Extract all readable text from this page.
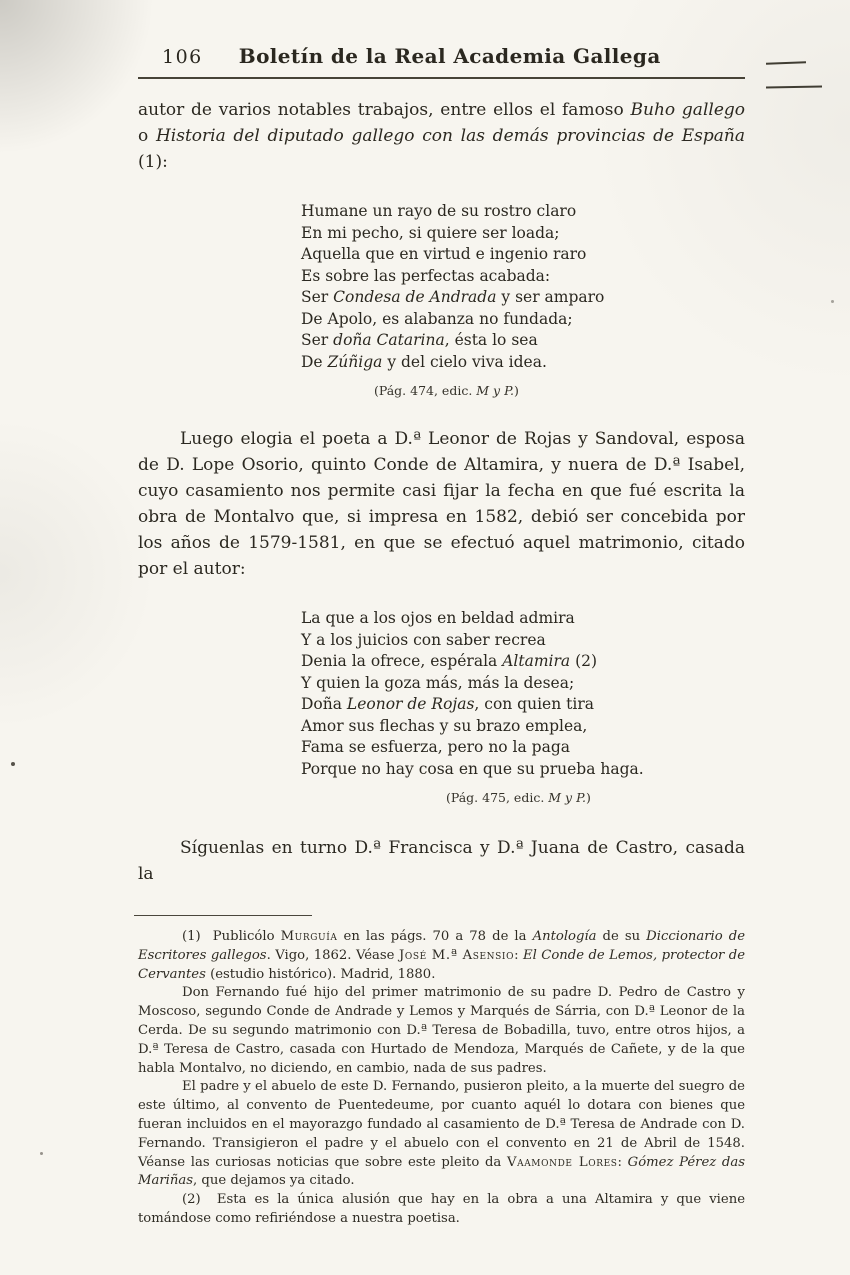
106 Boletín de la Real Academia Gallega

autor de varios notables trabajos, entre ellos el famoso Buho gallego o Historia del diputado gallego con las demás provincias de España (1):

Humane un rayo de su rostro claro
En mi pecho, si quiere ser loada;
Aquella que en virtud e ingenio raro
Es sobre las perfectas acabada:
Ser Condesa de Andrada y ser amparo
De Apolo, es alabanza no fundada;
Ser doña Catarina, ésta lo sea
De Zúñiga y del cielo viva idea.
(Pág. 474, edic. M y P.)

Luego elogia el poeta a D.ª Leonor de Rojas y Sandoval, esposa de D. Lope Osorio, quinto Conde de Altamira, y nuera de D.ª Isabel, cuyo casamiento nos permite casi fijar la fecha en que fué escrita la obra de Montalvo que, si impresa en 1582, debió ser concebida por los años de 1579-1581, en que se efectuó aquel matrimonio, citado por el autor:

La que a los ojos en beldad admira
Y a los juicios con saber recrea
Denia la ofrece, espérala Altamira (2)
Y quien la goza más, más la desea;
Doña Leonor de Rojas, con quien tira
Amor sus flechas y su brazo emplea,
Fama se esfuerza, pero no la paga
Porque no hay cosa en que su prueba haga.
(Pág. 475, edic. M y P.)

Síguenlas en turno D.ª Francisca y D.ª Juana de Castro, casada la

(1)  Publicólo Murguía en las págs. 70 a 78 de la Antología de su Diccionario de Escritores gallegos. Vigo, 1862. Véase José M.ª Asensio: El Conde de Lemos, protector de Cervantes (estudio histórico). Madrid, 1880.

Don Fernando fué hijo del primer matrimonio de su padre D. Pedro de Castro y Moscoso, segundo Conde de Andrade y Lemos y Marqués de Sárria, con D.ª Leonor de la Cerda. De su segundo matrimonio con D.ª Teresa de Bobadilla, tuvo, entre otros hijos, a D.ª Teresa de Castro, casada con Hurtado de Mendoza, Marqués de Cañete, y de la que habla Montalvo, no diciendo, en cambio, nada de sus padres.

El padre y el abuelo de este D. Fernando, pusieron pleito, a la muerte del suegro de este último, al convento de Puentedeume, por cuanto aquél lo dotara con bienes que fueran incluidos en el mayorazgo fundado al casamiento de D.ª Teresa de Andrade con D. Fernando. Transigieron el padre y el abuelo con el convento en 21 de Abril de 1548. Véanse las curiosas noticias que sobre este pleito da Vaamonde Lores: Gómez Pérez das Mariñas, que dejamos ya citado.

(2)  Esta es la única alusión que hay en la obra a una Altamira y que viene tomándose como refiriéndose a nuestra poetisa.
